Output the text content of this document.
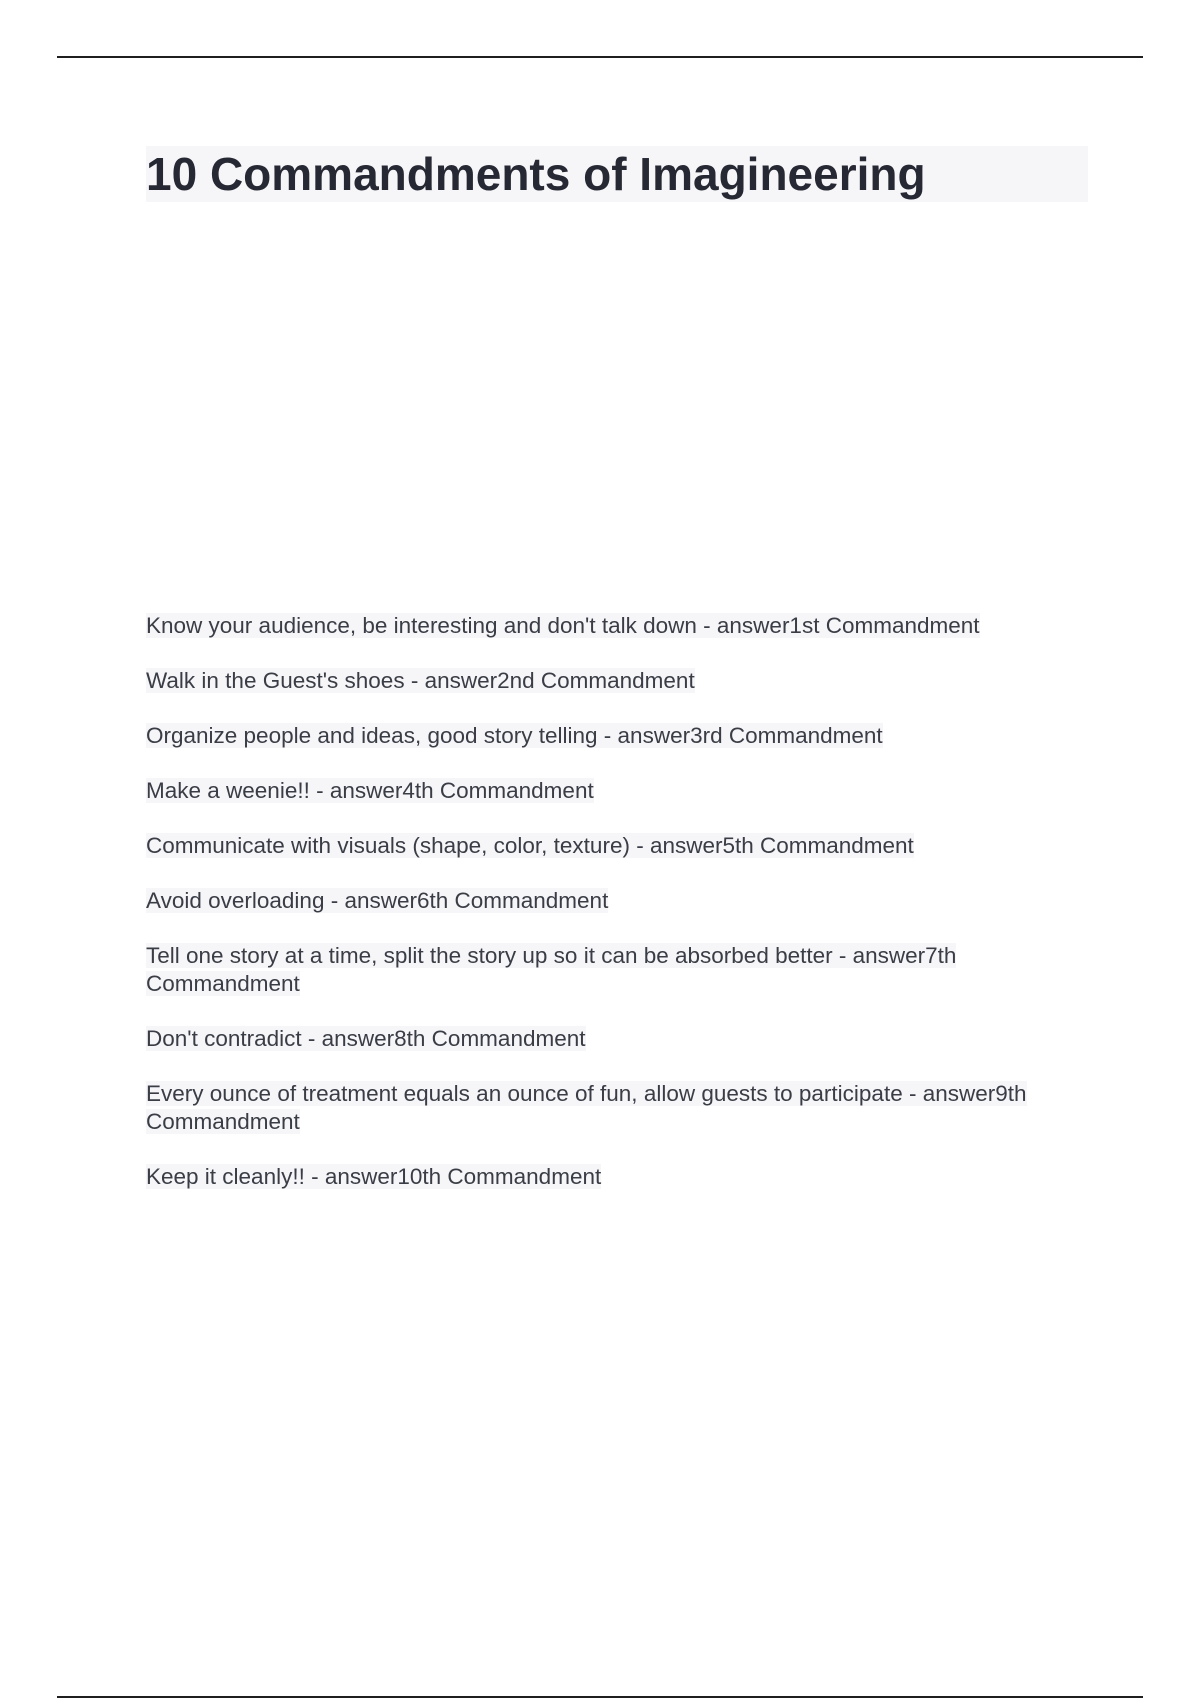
10 Commandments of Imagineering
Know your audience, be interesting and don't talk down - answer1st Commandment
Walk in the Guest's shoes - answer2nd Commandment
Organize people and ideas, good story telling - answer3rd Commandment
Make a weenie!! - answer4th Commandment
Communicate with visuals (shape, color, texture) - answer5th Commandment
Avoid overloading - answer6th Commandment
Tell one story at a time, split the story up so it can be absorbed better - answer7th Commandment
Don't contradict - answer8th Commandment
Every ounce of treatment equals an ounce of fun, allow guests to participate - answer9th Commandment
Keep it cleanly!! - answer10th Commandment
